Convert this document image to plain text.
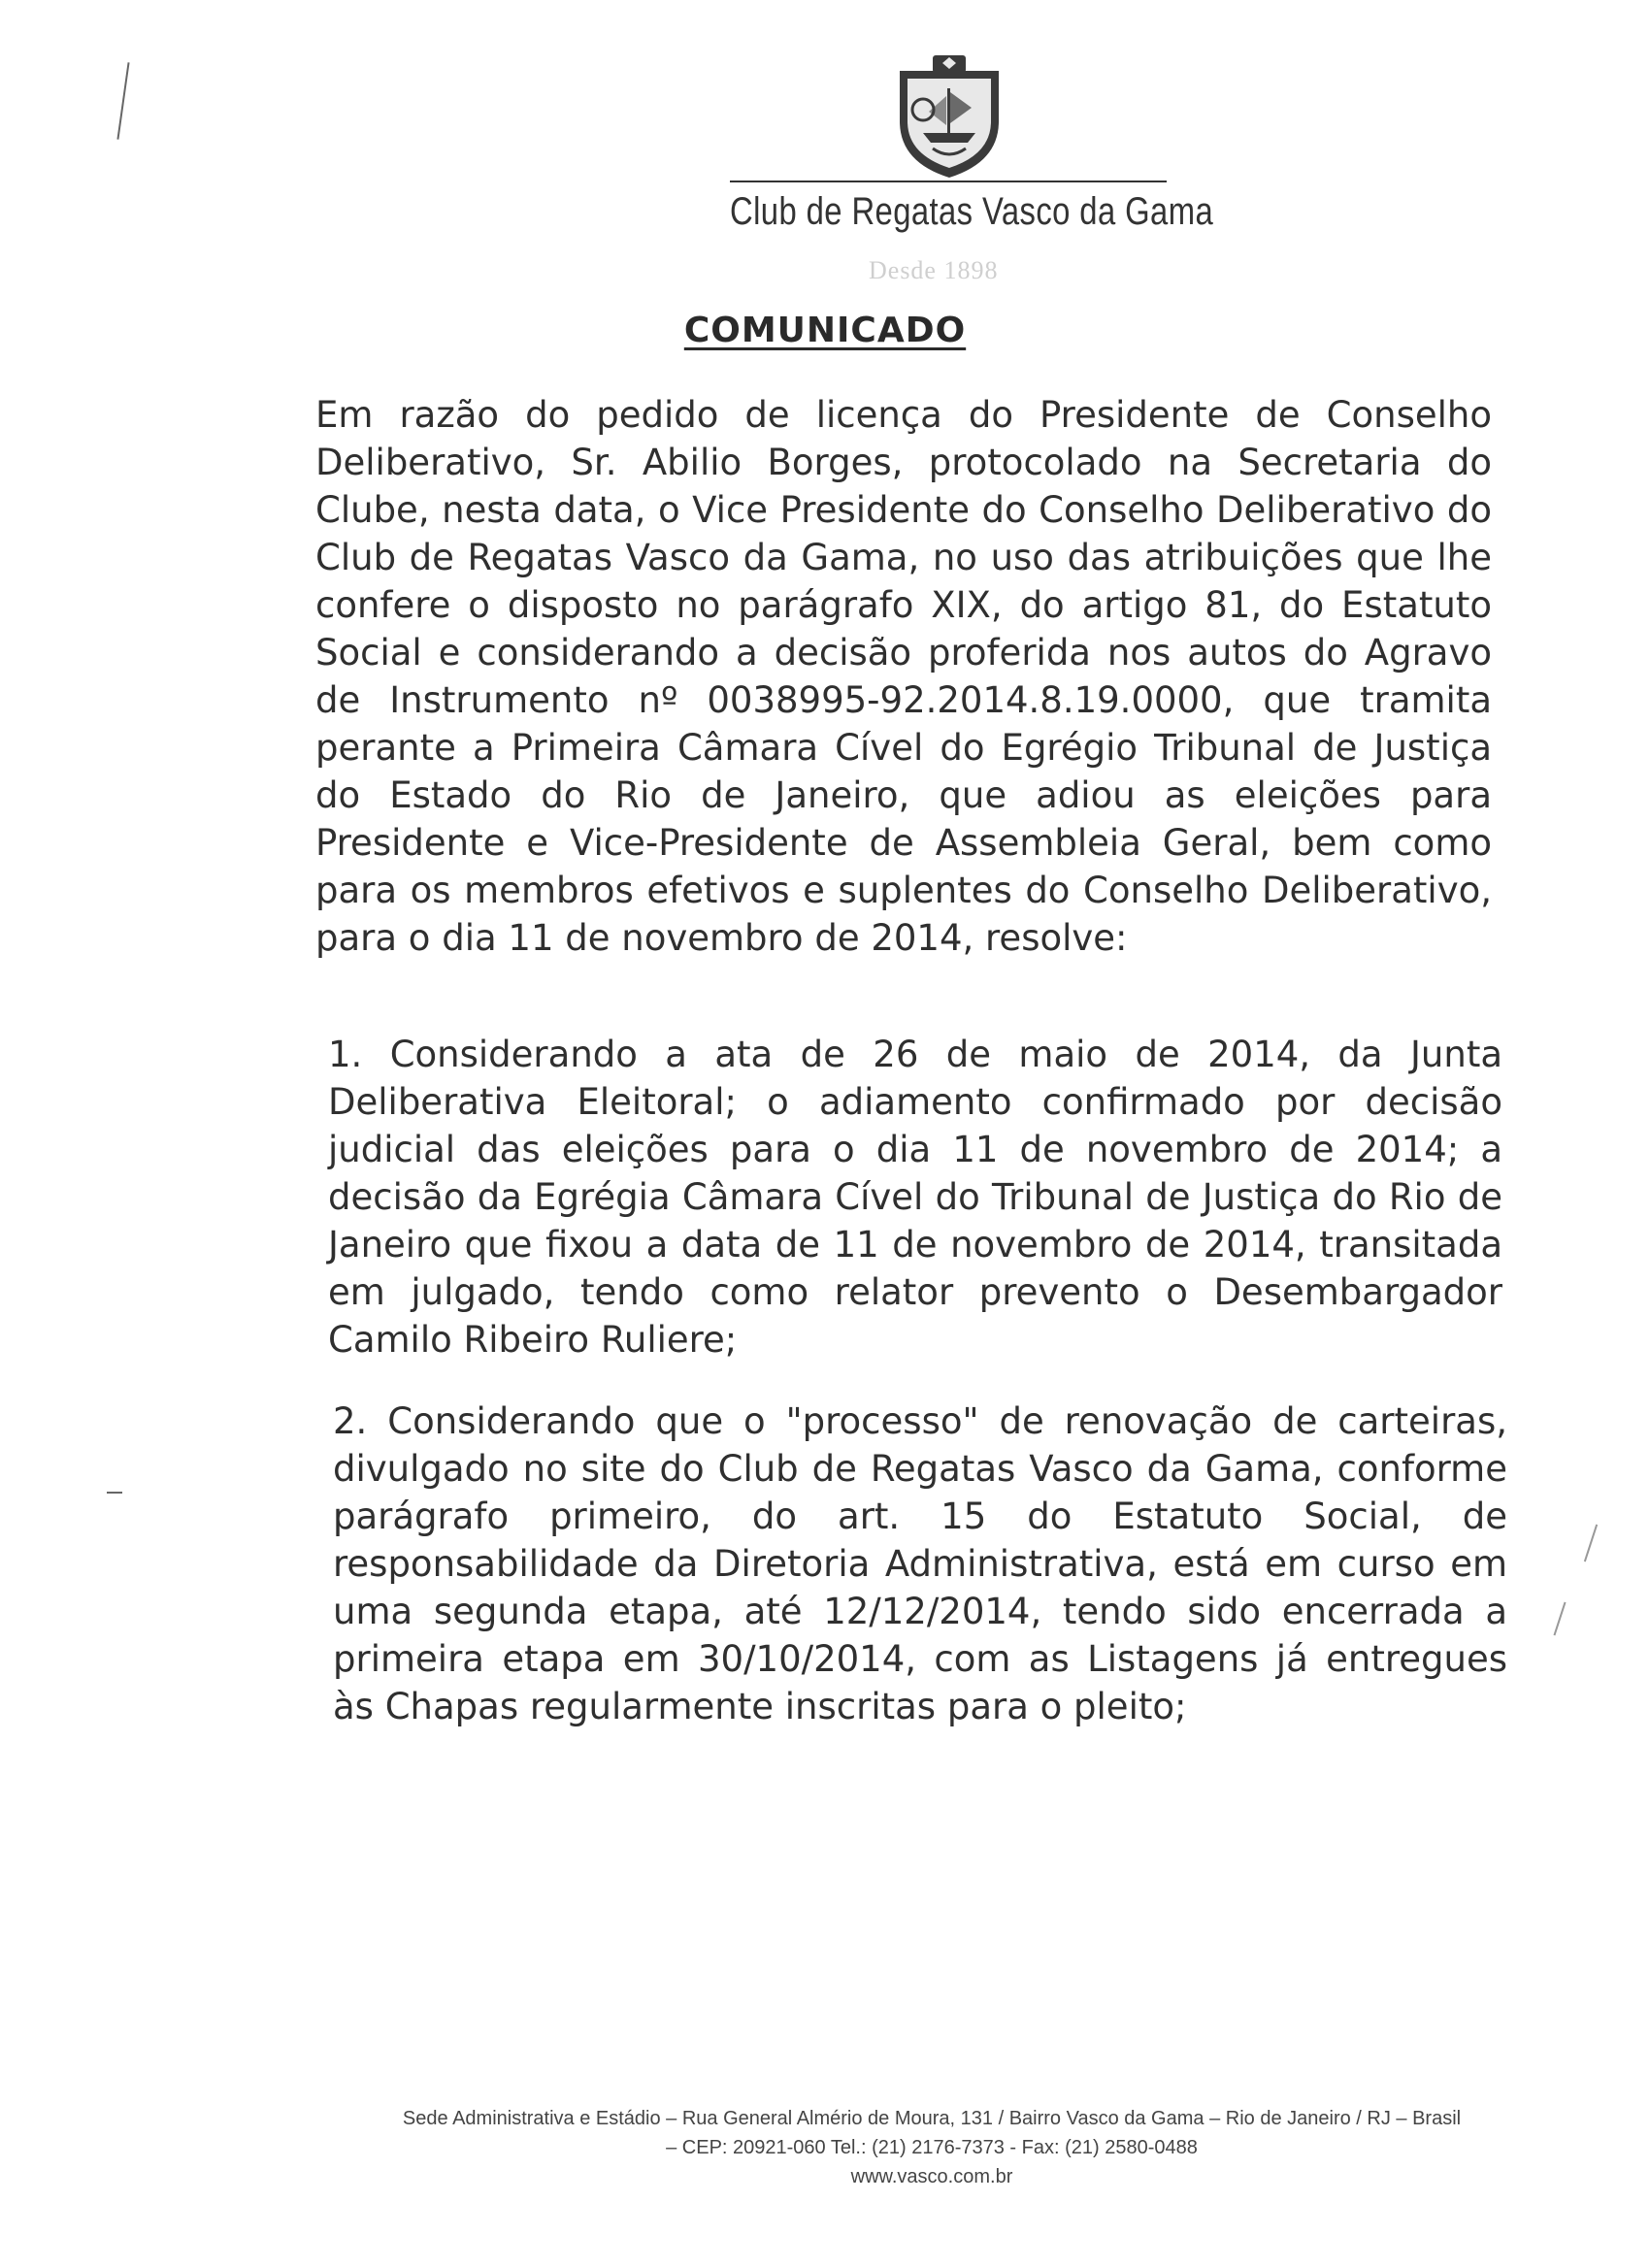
Club de Regatas Vasco da Gama
Desde 1898
COMUNICADO
Em razão do pedido de licença do Presidente de Conselho Deliberativo, Sr. Abilio Borges, protocolado na Secretaria do Clube, nesta data, o Vice Presidente do Conselho Deliberativo do Club de Regatas Vasco da Gama, no uso das atribuições que lhe confere o disposto no parágrafo XIX, do artigo 81, do Estatuto Social e considerando a decisão proferida nos autos do Agravo de Instrumento nº 0038995-92.2014.8.19.0000, que tramita perante a Primeira Câmara Cível do Egrégio Tribunal de Justiça do Estado do Rio de Janeiro, que adiou as eleições para Presidente e Vice-Presidente de Assembleia Geral, bem como para os membros efetivos e suplentes do Conselho Deliberativo, para o dia 11 de novembro de 2014, resolve:
1. Considerando a ata de 26 de maio de 2014, da Junta Deliberativa Eleitoral; o adiamento confirmado por decisão judicial das eleições para o dia 11 de novembro de 2014; a decisão da Egrégia Câmara Cível do Tribunal de Justiça do Rio de Janeiro que fixou a data de 11 de novembro de 2014, transitada em julgado, tendo como relator prevento o Desembargador Camilo Ribeiro Ruliere;
2. Considerando que o "processo" de renovação de carteiras, divulgado no site do Club de Regatas Vasco da Gama, conforme parágrafo primeiro, do art. 15 do Estatuto Social, de responsabilidade da Diretoria Administrativa, está em curso em uma segunda etapa, até 12/12/2014, tendo sido encerrada a primeira etapa em 30/10/2014, com as Listagens já entregues às Chapas regularmente inscritas para o pleito;
Sede Administrativa e Estádio – Rua General Almério de Moura, 131 / Bairro Vasco da Gama – Rio de Janeiro / RJ – Brasil
– CEP: 20921-060 Tel.: (21) 2176-7373 - Fax: (21) 2580-0488
www.vasco.com.br
